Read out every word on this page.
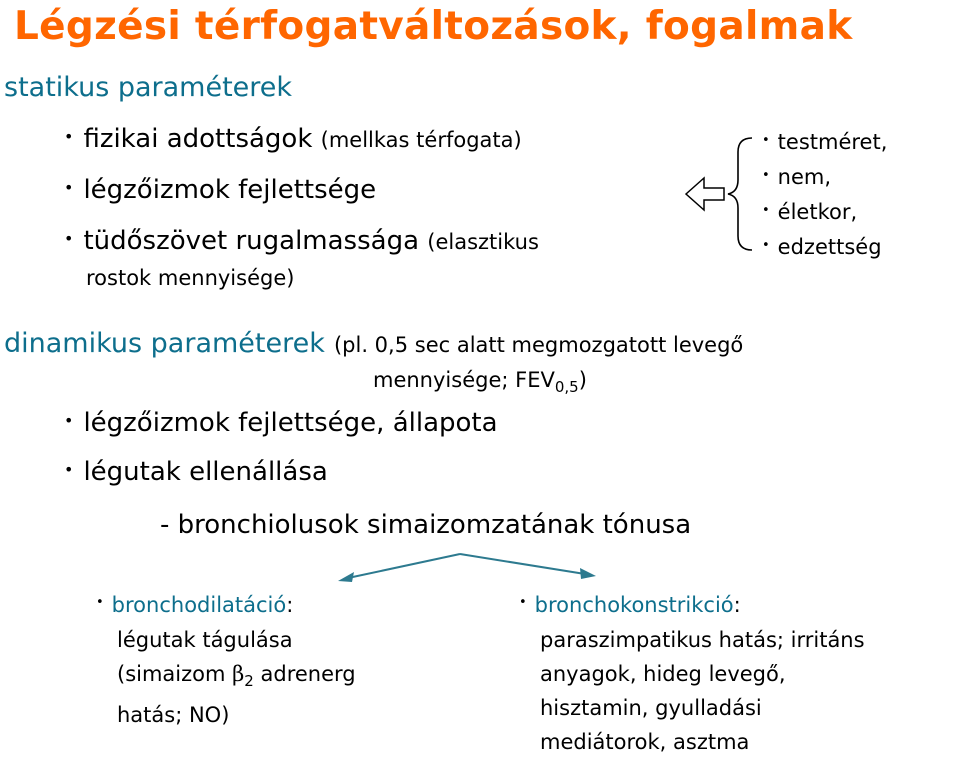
Légzési térfogatváltozások, fogalmak
statikus paraméterek
• fizikai adottságok (mellkas térfogata)
• légzőizmok fejlettsége
• tüdőszövet rugalmassága (elasztikus
rostok mennyisége)
• testméret,
• nem,
• életkor,
• edzettség
dinamikus paraméterek (pl. 0,5 sec alatt megmozgatott levegő
mennyisége; $FEV_{0,5}$)
• légzőizmok fejlettsége, állapota
• légutak ellenállása
- bronchiolusok simaizomzatának tónusa
• bronchodilatáció:
légutak tágulása
(simaizom $\beta_2$ adrenerg
hatás; NO)
• bronchokonstrikció:
paraszimpatikus hatás; irritáns
anyagok, hideg levegő,
hisztamin, gyulladási
mediátorok, asztma
